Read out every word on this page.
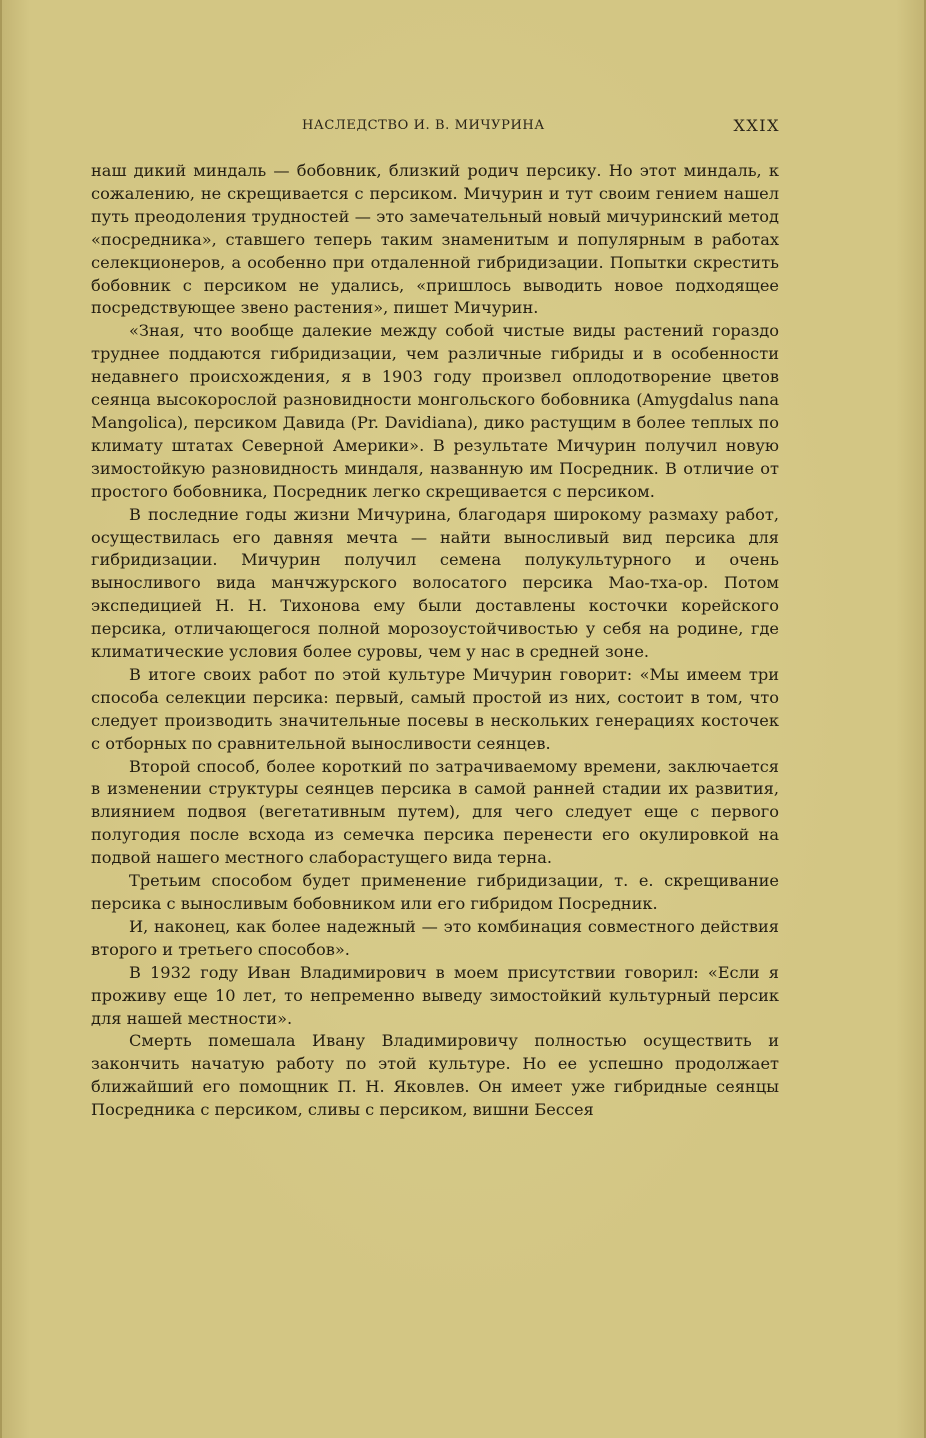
НАСЛЕДСТВО И. В. МИЧУРИНА	XXIX

наш дикий миндаль — бобовник, близкий родич персику. Но этот миндаль, к сожалению, не скрещивается с персиком. Мичурин и тут своим гением нашел путь преодоления трудностей — это замечательный новый мичуринский метод «посредника», ставшего теперь таким знаменитым и популярным в работах селекционеров, а особенно при отдаленной гибридизации. Попытки скрестить бобовник с персиком не удались, «пришлось выводить новое подходящее посредствующее звено растения», пишет Мичурин.

«Зная, что вообще далекие между собой чистые виды растений гораздо труднее поддаются гибридизации, чем различные гибриды и в особенности недавнего происхождения, я в 1903 году произвел оплодотворение цветов сеянца высокорослой разновидности монгольского бобовника (Amygdalus nana Mangolica), персиком Давида (Pr. Davidiana), дико растущим в более теплых по климату штатах Северной Америки». В результате Мичурин получил новую зимостойкую разновидность миндаля, названную им Посредник. В отличие от простого бобовника, Посредник легко скрещивается с персиком.

В последние годы жизни Мичурина, благодаря широкому размаху работ, осуществилась его давняя мечта — найти выносливый вид персика для гибридизации. Мичурин получил семена полукультурного и очень выносливого вида манчжурского волосатого персика Мао-тха-ор. Потом экспедицией Н. Н. Тихонова ему были доставлены косточки корейского персика, отличающегося полной морозоустойчивостью у себя на родине, где климатические условия более суровы, чем у нас в средней зоне.

В итоге своих работ по этой культуре Мичурин говорит: «Мы имеем три способа селекции персика: первый, самый простой из них, состоит в том, что следует производить значительные посевы в нескольких генерациях косточек с отборных по сравнительной выносливости сеянцев.

Второй способ, более короткий по затрачиваемому времени, заключается в изменении структуры сеянцев персика в самой ранней стадии их развития, влиянием подвоя (вегетативным путем), для чего следует еще с первого полугодия после всхода из семечка персика перенести его окулировкой на подвой нашего местного слаборастущего вида терна.

Третьим способом будет применение гибридизации, т. е. скрещивание персика с выносливым бобовником или его гибридом Посредник.

И, наконец, как более надежный — это комбинация совместного действия второго и третьего способов».

В 1932 году Иван Владимирович в моем присутствии говорил: «Если я проживу еще 10 лет, то непременно выведу зимостойкий культурный персик для нашей местности».

Смерть помешала Ивану Владимировичу полностью осуществить и закончить начатую работу по этой культуре. Но ее успешно продолжает ближайший его помощник П. Н. Яковлев. Он имеет уже гибридные сеянцы Посредника с персиком, сливы с персиком, вишни Бессея
